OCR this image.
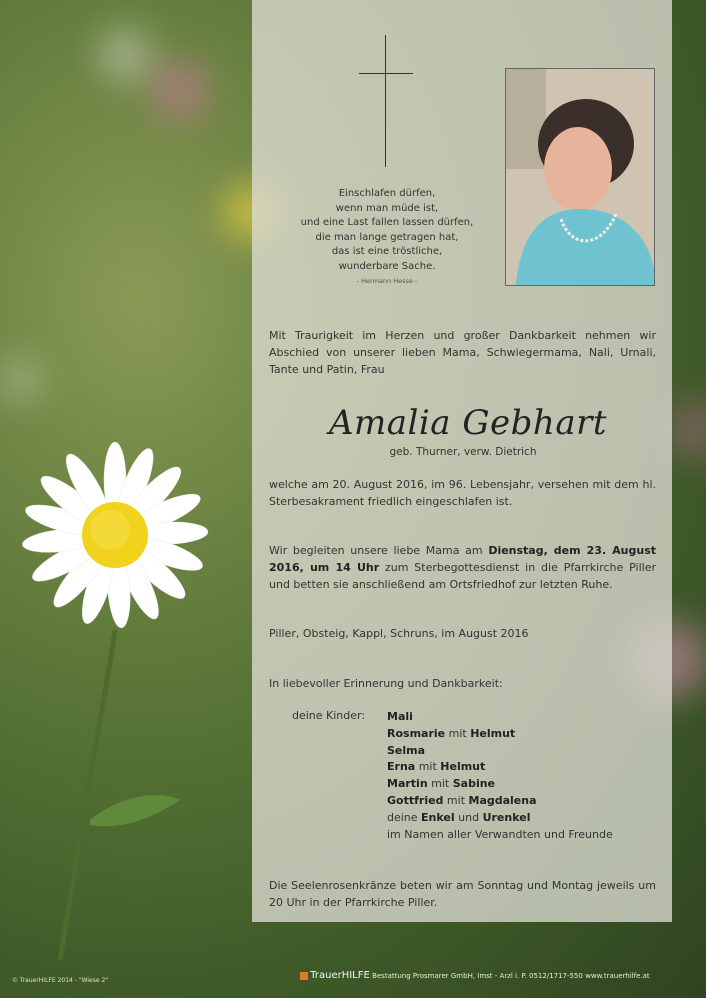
Einschlafen dürfen,
wenn man müde ist,
und eine Last fallen lassen dürfen,
die man lange getragen hat,
das ist eine tröstliche,
wunderbare Sache.
- Hermann Hesse -
Mit Traurigkeit im Herzen und großer Dankbarkeit nehmen wir Abschied von unserer lieben Mama, Schwiegermama, Nali, Urnali, Tante und Patin, Frau
Amalia Gebhart
geb. Thurner, verw. Dietrich
welche am 20. August 2016, im 96. Lebensjahr, versehen mit dem hl. Sterbesakrament friedlich eingeschlafen ist.
Wir begleiten unsere liebe Mama am Dienstag, dem 23. August 2016, um 14 Uhr zum Sterbegottesdienst in die Pfarrkirche Piller und betten sie anschließend am Ortsfriedhof zur letzten Ruhe.
Piller, Obsteig, Kappl, Schruns, im August 2016
In liebevoller Erinnerung und Dankbarkeit:
deine Kinder: Mali
Rosmarie mit Helmut
Selma
Erna mit Helmut
Martin mit Sabine
Gottfried mit Magdalena
deine Enkel und Urenkel
im Namen aller Verwandten und Freunde
Die Seelenrosenkränze beten wir am Sonntag und Montag jeweils um 20 Uhr in der Pfarrkirche Piller.
© TrauerHILFE 2014 - "Wiese 2"	TrauerHILFE Bestattung Prosmarer GmbH, Imst - Arzl i. P. 0512/1717-550 www.trauerhilfe.at
